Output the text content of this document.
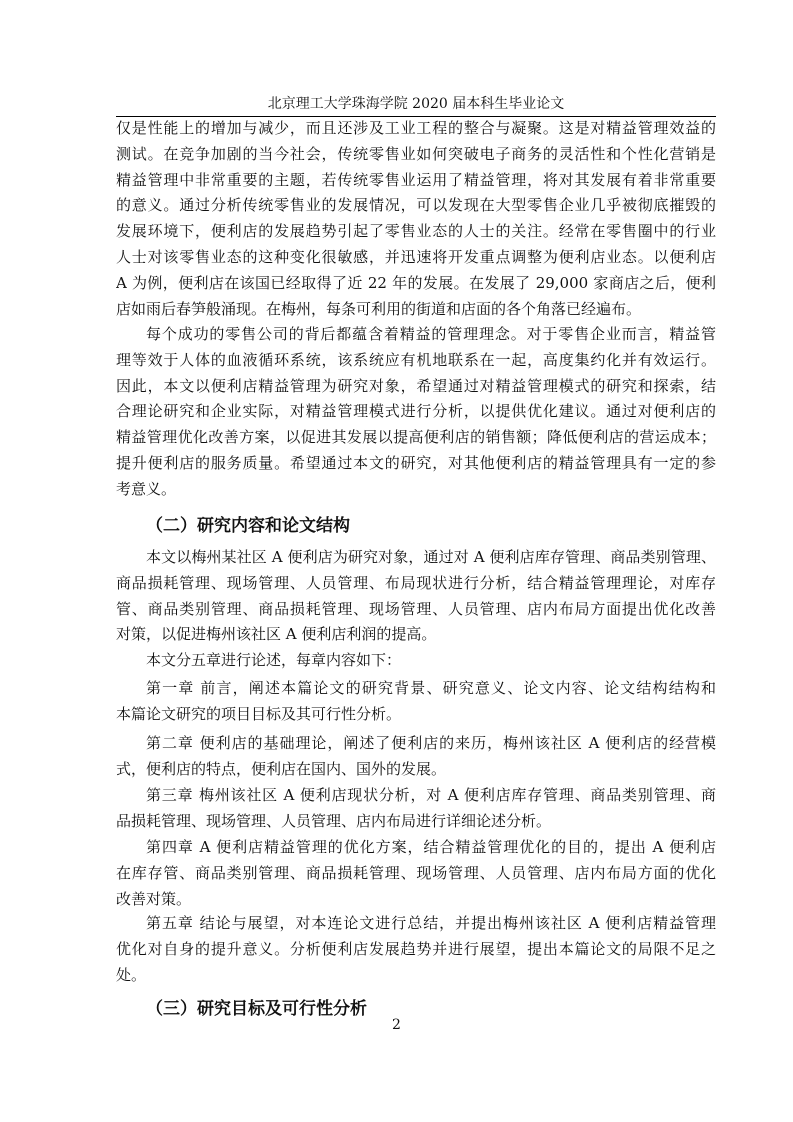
北京理工大学珠海学院 2020 届本科生毕业论文
仅是性能上的增加与减少，而且还涉及工业工程的整合与凝聚。这是对精益管理效益的
测试。在竞争加剧的当今社会，传统零售业如何突破电子商务的灵活性和个性化营销是
精益管理中非常重要的主题，若传统零售业运用了精益管理，将对其发展有着非常重要
的意义。通过分析传统零售业的发展情况，可以发现在大型零售企业几乎被彻底摧毁的
发展环境下，便利店的发展趋势引起了零售业态的人士的关注。经常在零售圈中的行业
人士对该零售业态的这种变化很敏感，并迅速将开发重点调整为便利店业态。以便利店
A 为例，便利店在该国已经取得了近 22 年的发展。在发展了 29,000 家商店之后，便利
店如雨后春笋般涌现。在梅州，每条可利用的街道和店面的各个角落已经遍布。
每个成功的零售公司的背后都蕴含着精益的管理理念。对于零售企业而言，精益管
理等效于人体的血液循环系统，该系统应有机地联系在一起，高度集约化并有效运行。
因此，本文以便利店精益管理为研究对象，希望通过对精益管理模式的研究和探索，结
合理论研究和企业实际，对精益管理模式进行分析，以提供优化建议。通过对便利店的
精益管理优化改善方案，以促进其发展以提高便利店的销售额；降低便利店的营运成本；
提升便利店的服务质量。希望通过本文的研究，对其他便利店的精益管理具有一定的参
考意义。
（二）研究内容和论文结构
本文以梅州某社区 A 便利店为研究对象，通过对 A 便利店库存管理、商品类别管理、
商品损耗管理、现场管理、人员管理、布局现状进行分析，结合精益管理理论，对库存
管、商品类别管理、商品损耗管理、现场管理、人员管理、店内布局方面提出优化改善
对策，以促进梅州该社区 A 便利店利润的提高。
本文分五章进行论述，每章内容如下：
第一章 前言，阐述本篇论文的研究背景、研究意义、论文内容、论文结构结构和
本篇论文研究的项目目标及其可行性分析。
第二章 便利店的基础理论，阐述了便利店的来历，梅州该社区 A 便利店的经营模
式，便利店的特点，便利店在国内、国外的发展。
第三章 梅州该社区 A 便利店现状分析，对 A 便利店库存管理、商品类别管理、商
品损耗管理、现场管理、人员管理、店内布局进行详细论述分析。
第四章 A 便利店精益管理的优化方案，结合精益管理优化的目的，提出 A 便利店
在库存管、商品类别管理、商品损耗管理、现场管理、人员管理、店内布局方面的优化
改善对策。
第五章 结论与展望，对本连论文进行总结，并提出梅州该社区 A 便利店精益管理
优化对自身的提升意义。分析便利店发展趋势并进行展望，提出本篇论文的局限不足之
处。
（三）研究目标及可行性分析
2
